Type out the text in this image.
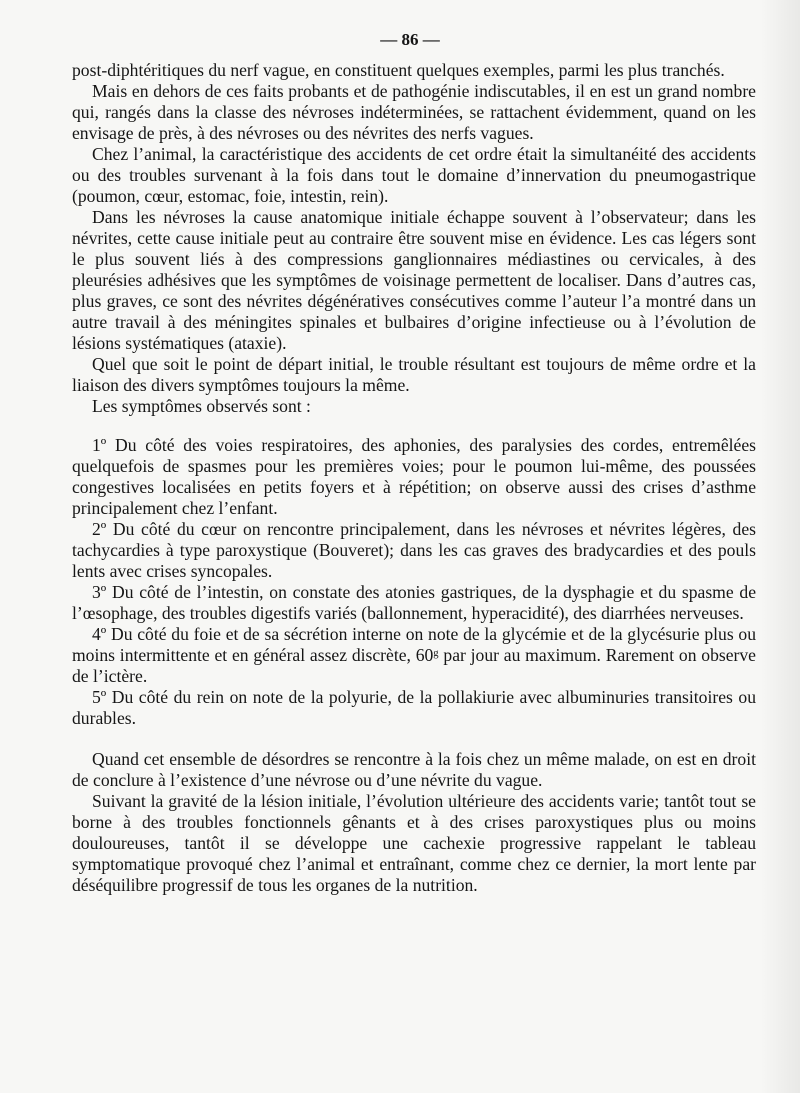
— 86 —

post-diphtéritiques du nerf vague, en constituent quelques exemples, parmi les plus tranchés.

Mais en dehors de ces faits probants et de pathogénie indiscutables, il en est un grand nombre qui, rangés dans la classe des névroses indéterminées, se rattachent évidemment, quand on les envisage de près, à des névroses ou des névrites des nerfs vagues.

Chez l’animal, la caractéristique des accidents de cet ordre était la simultanéité des accidents ou des troubles survenant à la fois dans tout le domaine d’innervation du pneumogastrique (poumon, cœur, estomac, foie, intestin, rein).

Dans les névroses la cause anatomique initiale échappe souvent à l’observateur; dans les névrites, cette cause initiale peut au contraire être souvent mise en évidence. Les cas légers sont le plus souvent liés à des compressions ganglionnaires médiastines ou cervicales, à des pleurésies adhésives que les symptômes de voisinage permettent de localiser. Dans d’autres cas, plus graves, ce sont des névrites dégénératives consécutives comme l’auteur l’a montré dans un autre travail à des méningites spinales et bulbaires d’origine infectieuse ou à l’évolution de lésions systématiques (ataxie).

Quel que soit le point de départ initial, le trouble résultant est toujours de même ordre et la liaison des divers symptômes toujours la même.

Les symptômes observés sont :

1º Du côté des voies respiratoires, des aphonies, des paralysies des cordes, entremêlées quelquefois de spasmes pour les premières voies; pour le poumon lui-même, des poussées congestives localisées en petits foyers et à répétition; on observe aussi des crises d’asthme principalement chez l’enfant.

2º Du côté du cœur on rencontre principalement, dans les névroses et névrites légères, des tachycardies à type paroxystique (Bouveret); dans les cas graves des bradycardies et des pouls lents avec crises syncopales.

3º Du côté de l’intestin, on constate des atonies gastriques, de la dysphagie et du spasme de l’œsophage, des troubles digestifs variés (ballonnement, hyperacidité), des diarrhées nerveuses.

4º Du côté du foie et de sa sécrétion interne on note de la glycémie et de la glycésurie plus ou moins intermittente et en général assez discrète, 60ᵍ par jour au maximum. Rarement on observe de l’ictère.

5º Du côté du rein on note de la polyurie, de la pollakiurie avec albuminuries transitoires ou durables.

Quand cet ensemble de désordres se rencontre à la fois chez un même malade, on est en droit de conclure à l’existence d’une névrose ou d’une névrite du vague.

Suivant la gravité de la lésion initiale, l’évolution ultérieure des accidents varie; tantôt tout se borne à des troubles fonctionnels gênants et à des crises paroxystiques plus ou moins douloureuses, tantôt il se développe une cachexie progressive rappelant le tableau symptomatique provoqué chez l’animal et entraînant, comme chez ce dernier, la mort lente par déséquilibre progressif de tous les organes de la nutrition.
